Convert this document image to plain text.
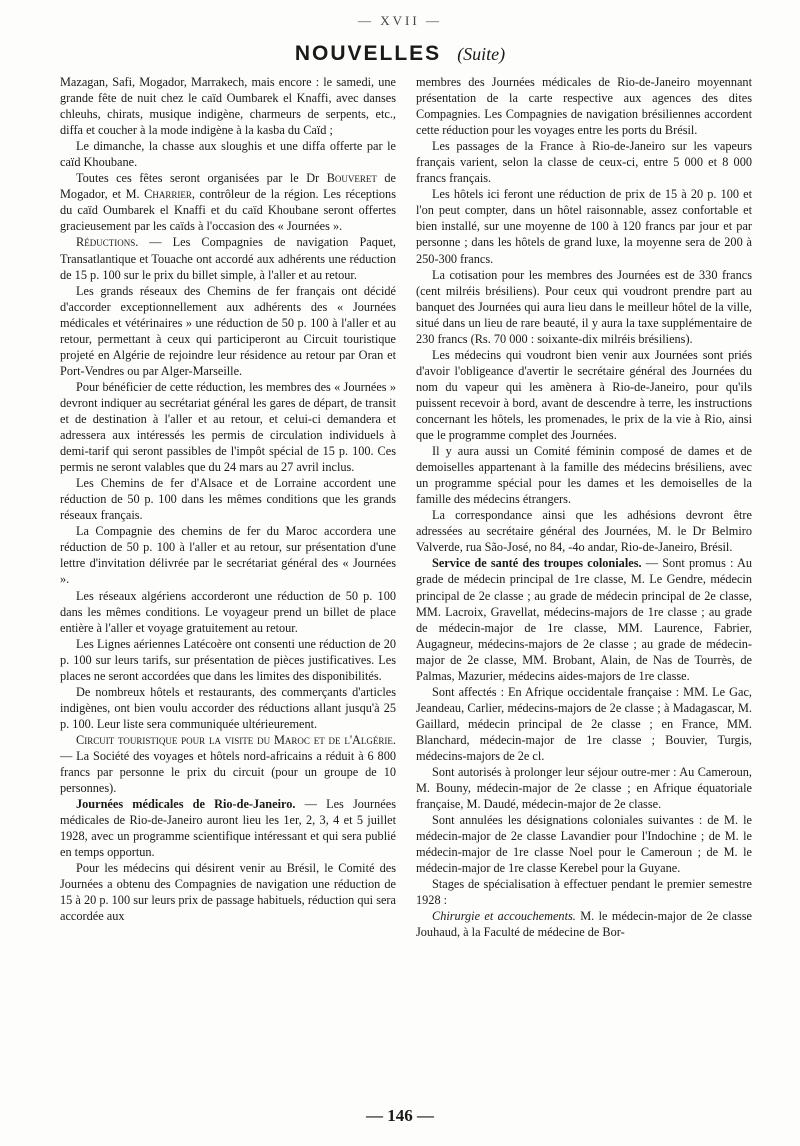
— XVII —
NOUVELLES (Suite)

Mazagan, Safi, Mogador, Marrakech, mais encore : le samedi, une grande fête de nuit chez le caïd Oumbarek el Knaffi, avec danses chleuhs, chirats, musique indigène, charmeurs de serpents, etc., diffa et coucher à la mode indigène à la kasba du Caïd ;

Le dimanche, la chasse aux sloughis et une diffa offerte par le caïd Khoubane.

Toutes ces fêtes seront organisées par le Dr Bouveret de Mogador, et M. Charrier, contrôleur de la région. Les réceptions du caïd Oumbarek el Knaffi et du caïd Khoubane seront offertes gracieusement par les caïds à l'occasion des « Journées ».

Réductions. — Les Compagnies de navigation Paquet, Transatlantique et Touache ont accordé aux adhérents une réduction de 15 p. 100 sur le prix du billet simple, à l'aller et au retour.

Les grands réseaux des Chemins de fer français ont décidé d'accorder exceptionnellement aux adhérents des « Journées médicales et vétérinaires » une réduction de 50 p. 100 à l'aller et au retour, permettant à ceux qui participeront au Circuit touristique projeté en Algérie de rejoindre leur résidence au retour par Oran et Port-Vendres ou par Alger-Marseille.

Pour bénéficier de cette réduction, les membres des « Journées » devront indiquer au secrétariat général les gares de départ, de transit et de destination à l'aller et au retour, et celui-ci demandera et adressera aux intéressés les permis de circulation individuels à demi-tarif qui seront passibles de l'impôt spécial de 15 p. 100. Ces permis ne seront valables que du 24 mars au 27 avril inclus.

Les Chemins de fer d'Alsace et de Lorraine accordent une réduction de 50 p. 100 dans les mêmes conditions que les grands réseaux français.

La Compagnie des chemins de fer du Maroc accordera une réduction de 50 p. 100 à l'aller et au retour, sur présentation d'une lettre d'invitation délivrée par le secrétariat général des « Journées ».

Les réseaux algériens accorderont une réduction de 50 p. 100 dans les mêmes conditions. Le voyageur prend un billet de place entière à l'aller et voyage gratuitement au retour.

Les Lignes aériennes Latécoère ont consenti une réduction de 20 p. 100 sur leurs tarifs, sur présentation de pièces justificatives. Les places ne seront accordées que dans les limites des disponibilités.

De nombreux hôtels et restaurants, des commerçants d'articles indigènes, ont bien voulu accorder des réductions allant jusqu'à 25 p. 100. Leur liste sera communiquée ultérieurement.

Circuit touristique pour la visite du Maroc et de l'Algérie. — La Société des voyages et hôtels nord-africains a réduit à 6 800 francs par personne le prix du circuit (pour un groupe de 10 personnes).

Journées médicales de Rio-de-Janeiro. — Les Journées médicales de Rio-de-Janeiro auront lieu les 1er, 2, 3, 4 et 5 juillet 1928, avec un programme scientifique intéressant et qui sera publié en temps opportun.

Pour les médecins qui désirent venir au Brésil, le Comité des Journées a obtenu des Compagnies de navigation une réduction de 15 à 20 p. 100 sur leurs prix de passage habituels, réduction qui sera accordée aux

membres des Journées médicales de Rio-de-Janeiro moyennant présentation de la carte respective aux agences des dites Compagnies. Les Compagnies de navigation brésiliennes accordent cette réduction pour les voyages entre les ports du Brésil.

Les passages de la France à Rio-de-Janeiro sur les vapeurs français varient, selon la classe de ceux-ci, entre 5 000 et 8 000 francs français.

Les hôtels ici feront une réduction de prix de 15 à 20 p. 100 et l'on peut compter, dans un hôtel raisonnable, assez confortable et bien installé, sur une moyenne de 100 à 120 francs par jour et par personne ; dans les hôtels de grand luxe, la moyenne sera de 200 à 250-300 francs.

La cotisation pour les membres des Journées est de 330 francs (cent milréis brésiliens). Pour ceux qui voudront prendre part au banquet des Journées qui aura lieu dans le meilleur hôtel de la ville, situé dans un lieu de rare beauté, il y aura la taxe supplémentaire de 230 francs (Rs. 70 000 : soixante-dix milréis brésiliens).

Les médecins qui voudront bien venir aux Journées sont priés d'avoir l'obligeance d'avertir le secrétaire général des Journées du nom du vapeur qui les amènera à Rio-de-Janeiro, pour qu'ils puissent recevoir à bord, avant de descendre à terre, les instructions concernant les hôtels, les promenades, le prix de la vie à Rio, ainsi que le programme complet des Journées.

Il y aura aussi un Comité féminin composé de dames et de demoiselles appartenant à la famille des médecins brésiliens, avec un programme spécial pour les dames et les demoiselles de la famille des médecins étrangers.

La correspondance ainsi que les adhésions devront être adressées au secrétaire général des Journées, M. le Dr Belmiro Valverde, rua São-José, no 84, -4o andar, Rio-de-Janeiro, Brésil.

Service de santé des troupes coloniales. — Sont promus : Au grade de médecin principal de 1re classe, M. Le Gendre, médecin principal de 2e classe ; au grade de médecin principal de 2e classe, MM. Lacroix, Gravellat, médecins-majors de 1re classe ; au grade de médecin-major de 1re classe, MM. Laurence, Fabrier, Augagneur, médecins-majors de 2e classe ; au grade de médecin-major de 2e classe, MM. Brobant, Alain, de Nas de Tourrès, de Palmas, Mazurier, médecins aides-majors de 1re classe.

Sont affectés : En Afrique occidentale française : MM. Le Gac, Jeandeau, Carlier, médecins-majors de 2e classe ; à Madagascar, M. Gaillard, médecin principal de 2e classe ; en France, MM. Blanchard, médecin-major de 1re classe ; Bouvier, Turgis, médecins-majors de 2e cl.

Sont autorisés à prolonger leur séjour outre-mer : Au Cameroun, M. Bouny, médecin-major de 2e classe ; en Afrique équatoriale française, M. Daudé, médecin-major de 2e classe.

Sont annulées les désignations coloniales suivantes : de M. le médecin-major de 2e classe Lavandier pour l'Indochine ; de M. le médecin-major de 1re classe Noel pour le Cameroun ; de M. le médecin-major de 1re classe Kerebel pour la Guyane.

Stages de spécialisation à effectuer pendant le premier semestre 1928 :

Chirurgie et accouchements. M. le médecin-major de 2e classe Jouhaud, à la Faculté de médecine de Bor-

— 146 —
